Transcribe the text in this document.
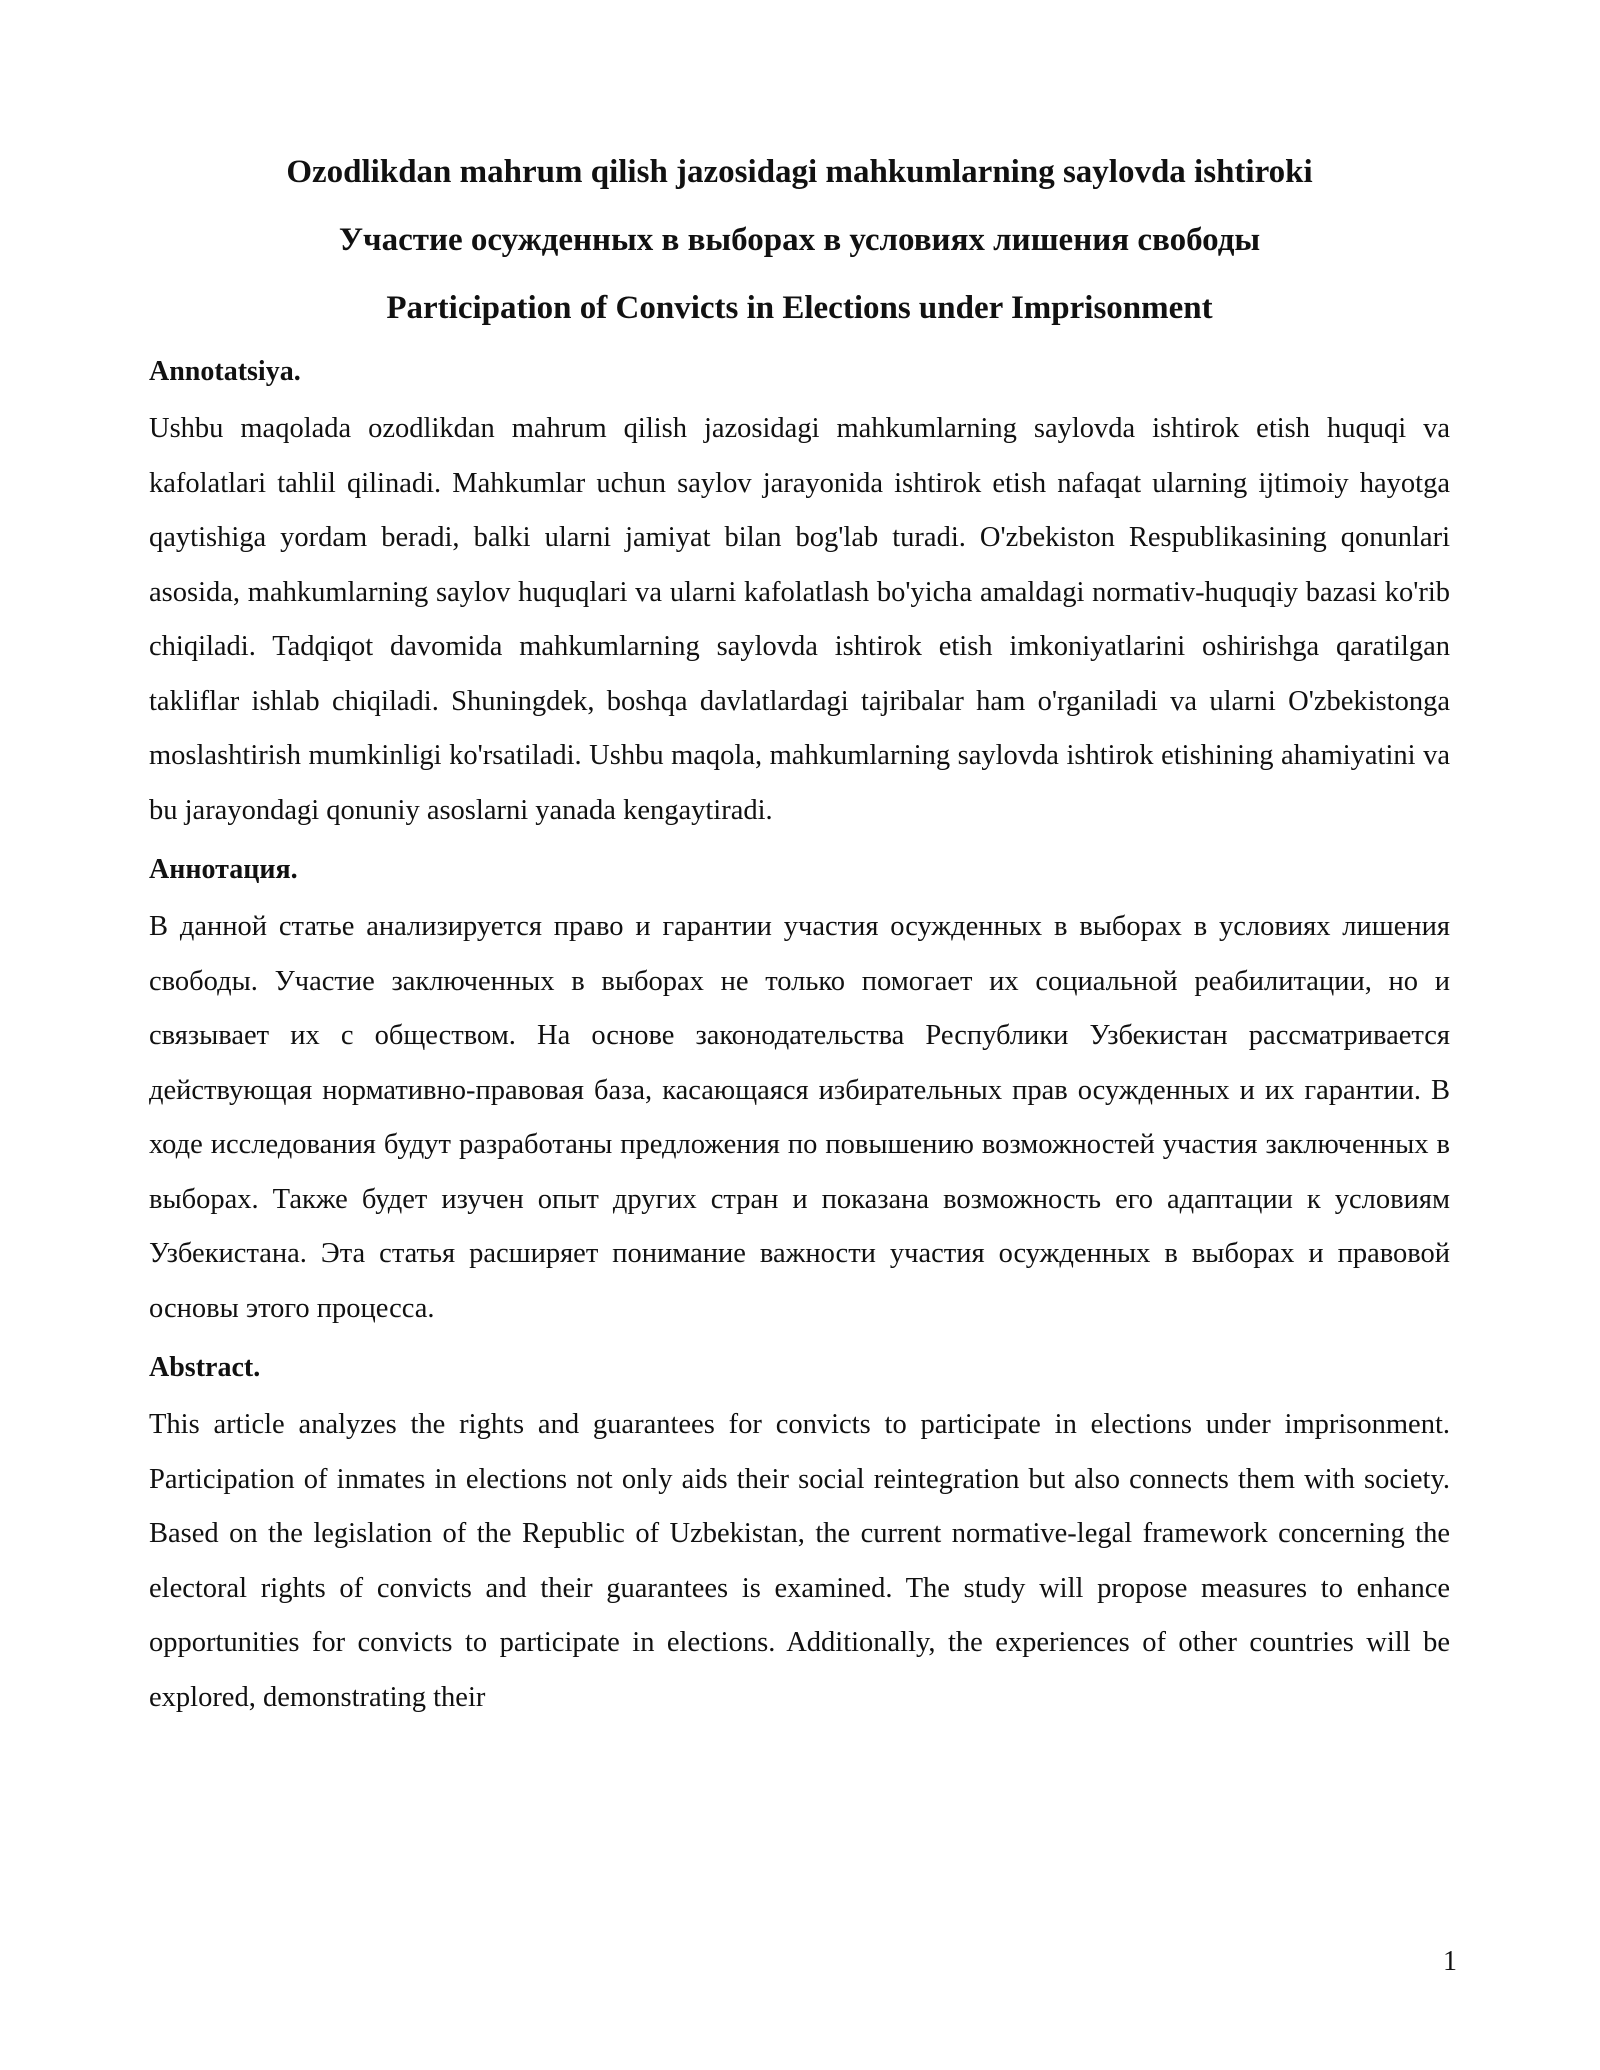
Ozodlikdan mahrum qilish jazosidagi mahkumlarning saylovda ishtiroki

Участие осужденных в выборах в условиях лишения свободы

Participation of Convicts in Elections under Imprisonment

Annotatsiya.

Ushbu maqolada ozodlikdan mahrum qilish jazosidagi mahkumlarning saylovda ishtirok etish huquqi va kafolatlari tahlil qilinadi. Mahkumlar uchun saylov jarayonida ishtirok etish nafaqat ularning ijtimoiy hayotga qaytishiga yordam beradi, balki ularni jamiyat bilan bog'lab turadi. O'zbekiston Respublikasining qonunlari asosida, mahkumlarning saylov huquqlari va ularni kafolatlash bo'yicha amaldagi normativ-huquqiy bazasi ko'rib chiqiladi. Tadqiqot davomida mahkumlarning saylovda ishtirok etish imkoniyatlarini oshirishga qaratilgan takliflar ishlab chiqiladi. Shuningdek, boshqa davlatlardagi tajribalar ham o'rganiladi va ularni O'zbekistonga moslashtirish mumkinligi ko'rsatiladi. Ushbu maqola, mahkumlarning saylovda ishtirok etishining ahamiyatini va bu jarayondagi qonuniy asoslarni yanada kengaytiradi.

Аннотация.

В данной статье анализируется право и гарантии участия осужденных в выборах в условиях лишения свободы. Участие заключенных в выборах не только помогает их социальной реабилитации, но и связывает их с обществом. На основе законодательства Республики Узбекистан рассматривается действующая нормативно-правовая база, касающаяся избирательных прав осужденных и их гарантии. В ходе исследования будут разработаны предложения по повышению возможностей участия заключенных в выборах. Также будет изучен опыт других стран и показана возможность его адаптации к условиям Узбекистана. Эта статья расширяет понимание важности участия осужденных в выборах и правовой основы этого процесса.

Abstract.

This article analyzes the rights and guarantees for convicts to participate in elections under imprisonment. Participation of inmates in elections not only aids their social reintegration but also connects them with society. Based on the legislation of the Republic of Uzbekistan, the current normative-legal framework concerning the electoral rights of convicts and their guarantees is examined. The study will propose measures to enhance opportunities for convicts to participate in elections. Additionally, the experiences of other countries will be explored, demonstrating their

1
